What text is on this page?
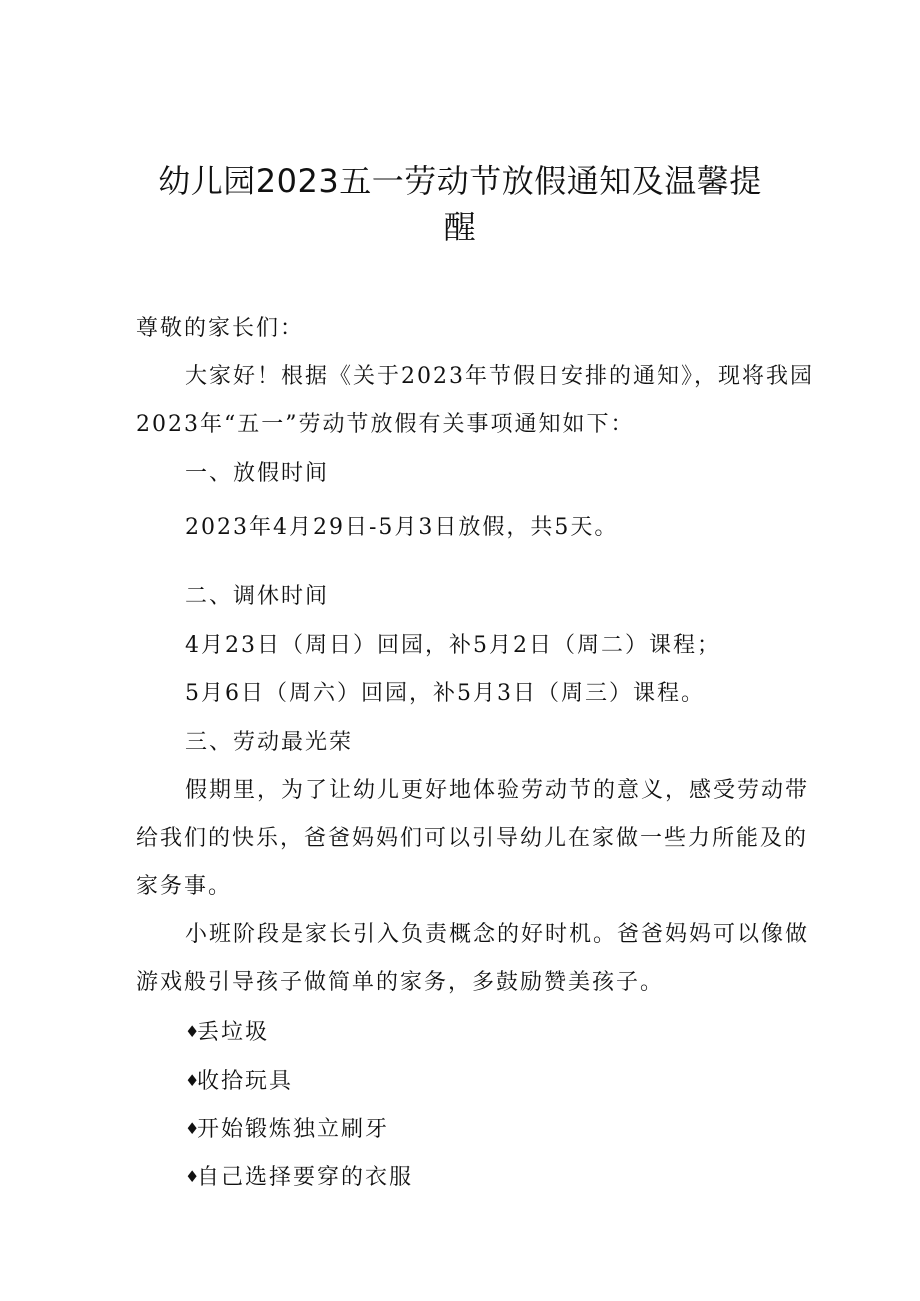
幼儿园2023五一劳动节放假通知及温馨提
醒
尊敬的家长们：
大家好！根据《关于2023年节假日安排的通知》，现将我园
2023年“五一”劳动节放假有关事项通知如下：
一、放假时间
2023年4月29日-5月3日放假，共5天。
二、调休时间
4月23日（周日）回园，补5月2日（周二）课程；
5月6日（周六）回园，补5月3日（周三）课程。
三、劳动最光荣
假期里，为了让幼儿更好地体验劳动节的意义，感受劳动带
给我们的快乐，爸爸妈妈们可以引导幼儿在家做一些力所能及的
家务事。
小班阶段是家长引入负责概念的好时机。爸爸妈妈可以像做
游戏般引导孩子做简单的家务，多鼓励赞美孩子。
♦丢垃圾
♦收拾玩具
♦开始锻炼独立刷牙
♦自己选择要穿的衣服
